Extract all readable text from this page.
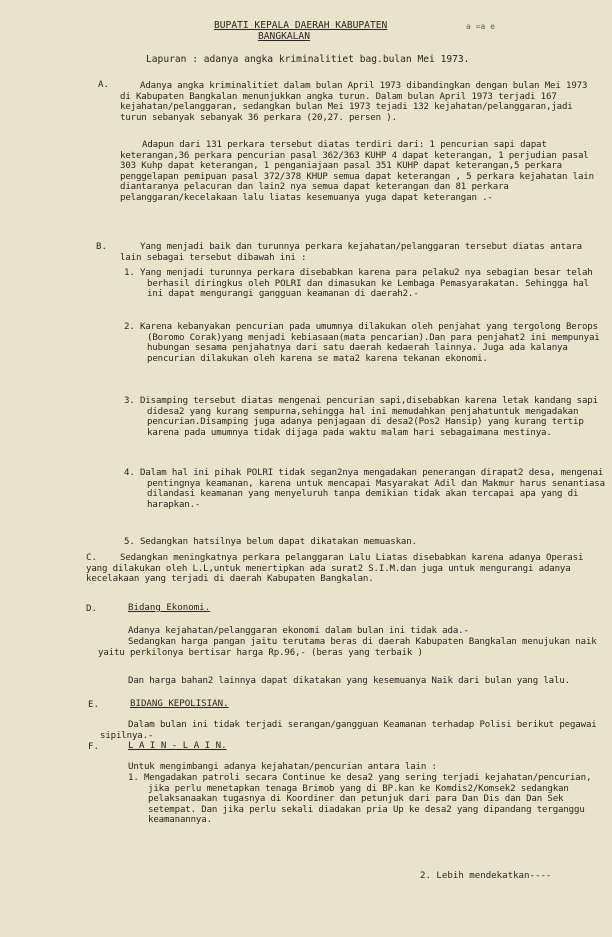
BUPATI KEPALA DAERAH KABUPATEN
BANGKALAN
a =a e
Lapuran : adanya angka kriminalitiet bag.bulan Mei 1973.
A.	Adanya angka kriminalitiet dalam bulan April 1973 dibandingkan dengan bulan Mei 1973 di Kabupaten Bangkalan menunjukkan angka turun. Dalam bulan April 1973 terjadi 167 kejahatan/pelanggaran, sedangkan bulan Mei 1973 tejadi 132 kejahatan/pelanggaran,jadi turun sebanyak sebanyak 36 perkara (20,27. persen ).

Adapun dari 131 perkara tersebut diatas terdiri dari: 1 pencurian sapi dapat keterangan,36 perkara pencurian pasal 362/363 KUHP 4 dapat keterangan, 1 perjudian pasal 303 Kuhp dapat keterangan, 1 penganiajaan pasal 351 KUHP dapat keterangan,5 perkara penggelapan pemipuan pasal 372/378 KHUP semua dapat keterangan , 5 perkara kejahatan lain diantaranya pelacuran dan lain2 nya semua dapat keterangan dan 81 perkara pelanggaran/kecelakaan lalu liatas kesemuanya yuga dapat keterangan .-

B.	Yang menjadi baik dan turunnya perkara kejahatan/pelanggaran tersebut diatas antara lain sebagai tersebut dibawah ini :

1. Yang menjadi turunnya perkara disebabkan karena para pelaku2 nya sebagian besar telah berhasil diringkus oleh POLRI dan dimasukan ke Lembaga Pemasyarakatan. Sehingga hal ini dapat mengurangi gangguan keamanan di daerah2.-

2. Karena kebanyakan pencurian pada umumnya dilakukan oleh penjahat yang tergolong Berops (Boromo Corak)yang menjadi kebiasaan(mata pencarian).Dan para penjahat2 ini mempunyai hubungan sesama penjahatnya dari satu daerah kedaerah lainnya. Juga ada kalanya pencurian dilakukan oleh karena se mata2 karena tekanan ekonomi.

3. Disamping tersebut diatas mengenai pencurian sapi,disebabkan karena letak kandang sapi didesa2 yang kurang sempurna,sehingga hal ini memudahkan penjahatuntuk mengadakan pencurian.Disamping juga adanya penjagaan di desa2(Pos2 Hansip) yang kurang tertip karena pada umumnya tidak dijaga pada waktu malam hari sebagaimana mestinya.

4. Dalam hal ini pihak POLRI tidak segan2nya mengadakan penerangan dirapat2 desa, mengenai pentingnya keamanan, karena untuk mencapai Masyarakat Adil dan Makmur harus senantiasa dilandasi keamanan yang menyeluruh tanpa demikian tidak akan tercapai apa yang di harapkan.-

5. Sedangkan hatsilnya belum dapat dikatakan memuaskan.

C.	Sedangkan meningkatnya perkara pelanggaran Lalu Liatas disebabkan karena adanya Operasi yang dilakukan oleh L.L,untuk menertipkan ada surat2 S.I.M.dan juga untuk mengurangi adanya kecelakaan yang terjadi di daerah Kabupaten Bangkalan.

D.	Bidang Ekonomi.

Adanya kejahatan/pelanggaran ekonomi dalam bulan ini tidak ada.-

Sedangkan harga pangan jaitu terutama beras di daerah Kabupaten Bangkalan menujukan naik yaitu perkilonya bertisar harga Rp.96,- (beras yang terbaik )

Dan harga bahan2 lainnya dapat dikatakan yang kesemuanya Naik dari bulan yang lalu.

E.	BIDANG KEPOLISIAN.

Dalam bulan ini tidak terjadi serangan/gangguan Keamanan terhadap Polisi berikut pegawai sipilnya.-

F.	L A I N - L A I N.

Untuk mengimbangi adanya kejahatan/pencurian antara lain :

1. Mengadakan patroli secara Continue ke desa2 yang sering terjadi kejahatan/pencurian, jika perlu menetapkan tenaga Brimob yang di BP.kan ke Komdis2/Komsek2 sedangkan pelaksanaakan tugasnya di Koordiner dan petunjuk dari para Dan Dis dan Dan Sek setempat. Dan jika perlu sekali diadakan pria Up ke desa2 yang dipandang terganggu keamanannya.

2. Lebih mendekatkan----
